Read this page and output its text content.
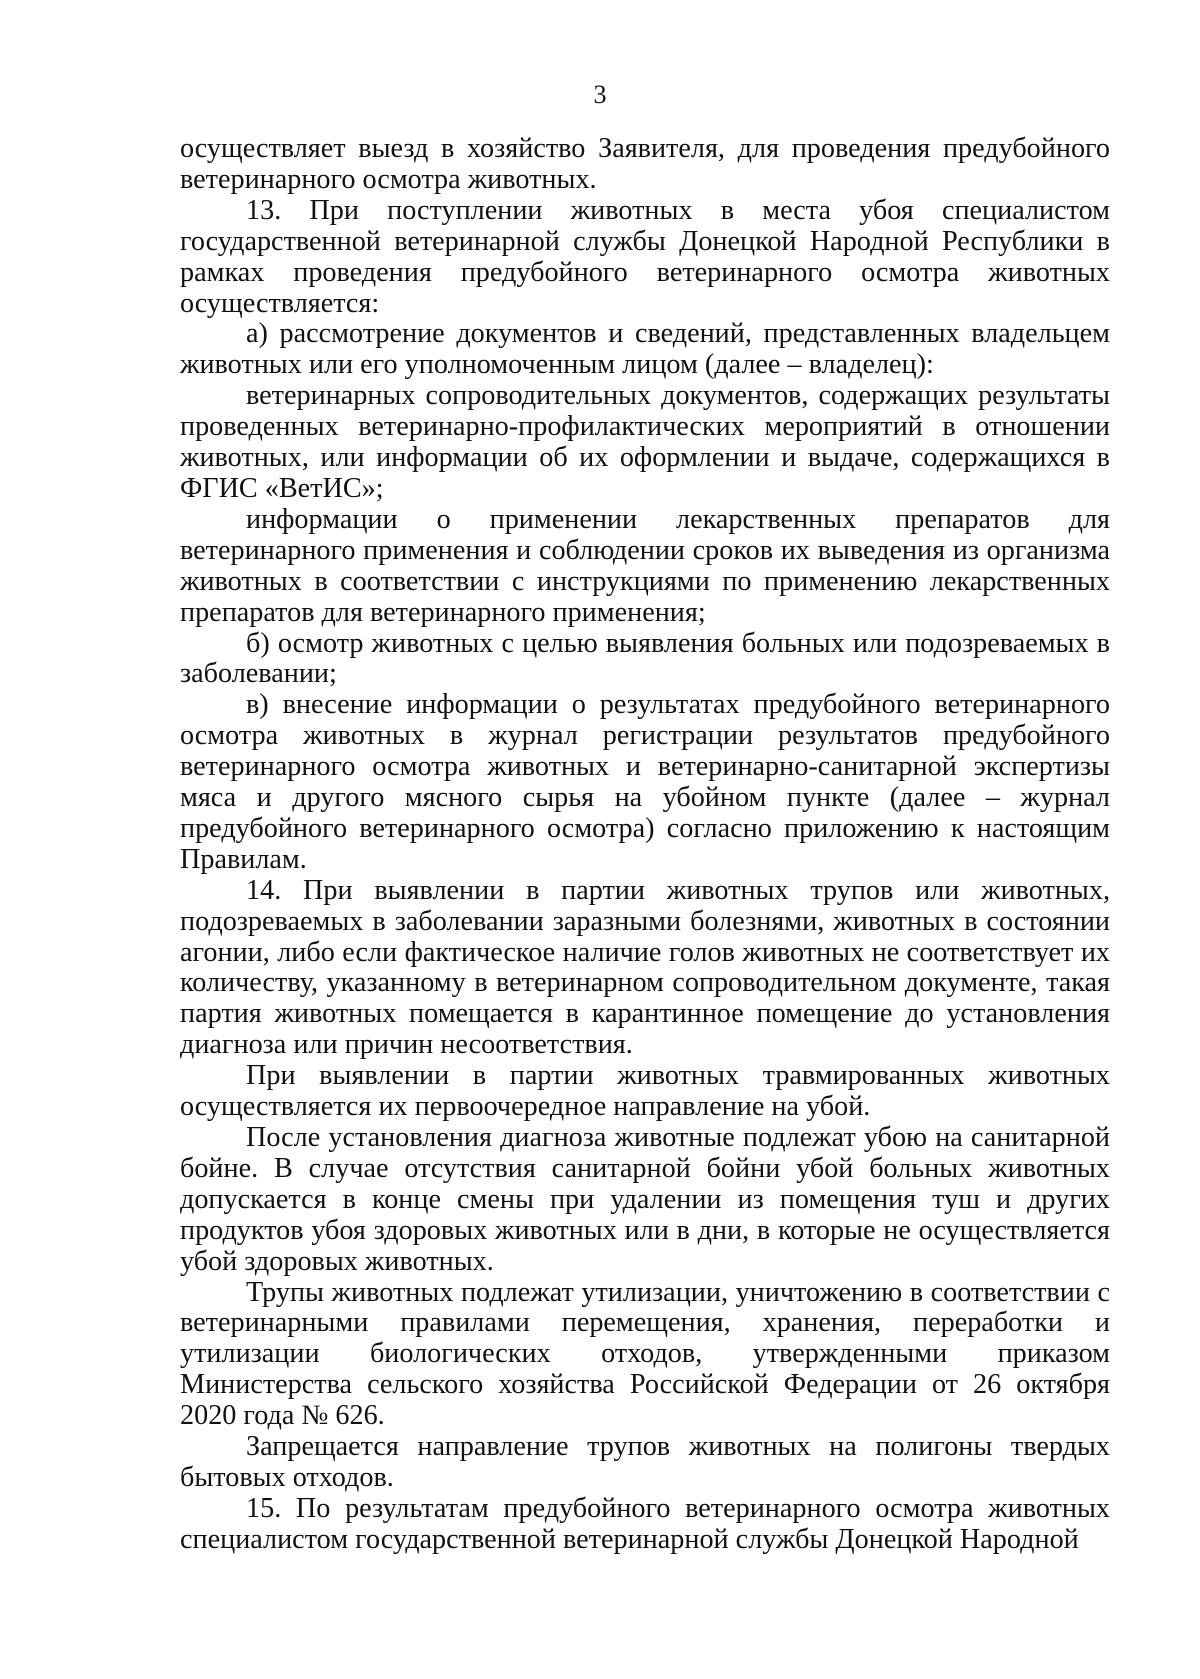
3

осуществляет выезд в хозяйство Заявителя, для проведения предубойного ветеринарного осмотра животных.

13. При поступлении животных в места убоя специалистом государственной ветеринарной службы Донецкой Народной Республики в рамках проведения предубойного ветеринарного осмотра животных осуществляется:

а) рассмотрение документов и сведений, представленных владельцем животных или его уполномоченным лицом (далее – владелец):

ветеринарных сопроводительных документов, содержащих результаты проведенных ветеринарно-профилактических мероприятий в отношении животных, или информации об их оформлении и выдаче, содержащихся в ФГИС «ВетИС»;

информации о применении лекарственных препаратов для ветеринарного применения и соблюдении сроков их выведения из организма животных в соответствии с инструкциями по применению лекарственных препаратов для ветеринарного применения;

б) осмотр животных с целью выявления больных или подозреваемых в заболевании;

в) внесение информации о результатах предубойного ветеринарного осмотра животных в журнал регистрации результатов предубойного ветеринарного осмотра животных и ветеринарно-санитарной экспертизы мяса и другого мясного сырья на убойном пункте (далее – журнал предубойного ветеринарного осмотра) согласно приложению к настоящим Правилам.

14. При выявлении в партии животных трупов или животных, подозреваемых в заболевании заразными болезнями, животных в состоянии агонии, либо если фактическое наличие голов животных не соответствует их количеству, указанному в ветеринарном сопроводительном документе, такая партия животных помещается в карантинное помещение до установления диагноза или причин несоответствия.

При выявлении в партии животных травмированных животных осуществляется их первоочередное направление на убой.

После установления диагноза животные подлежат убою на санитарной бойне. В случае отсутствия санитарной бойни убой больных животных допускается в конце смены при удалении из помещения туш и других продуктов убоя здоровых животных или в дни, в которые не осуществляется убой здоровых животных.

Трупы животных подлежат утилизации, уничтожению в соответствии с ветеринарными правилами перемещения, хранения, переработки и утилизации биологических отходов, утвержденными приказом Министерства сельского хозяйства Российской Федерации от 26 октября 2020 года № 626.

Запрещается направление трупов животных на полигоны твердых бытовых отходов.

15. По результатам предубойного ветеринарного осмотра животных специалистом государственной ветеринарной службы Донецкой Народной
